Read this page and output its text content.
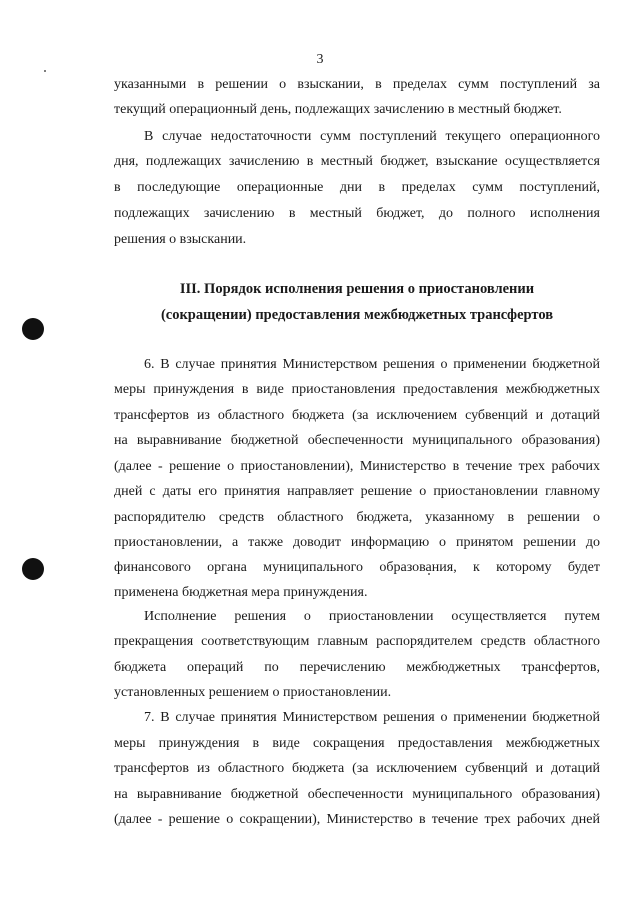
3
указанными в решении о взыскании, в пределах сумм поступлений за
текущий операционный день, подлежащих зачислению в местный бюджет.
В случае недостаточности сумм поступлений текущего операционного
дня, подлежащих зачислению в местный бюджет, взыскание осуществляется
в последующие операционные дни в пределах сумм поступлений,
подлежащих зачислению в местный бюджет, до полного исполнения
решения о взыскании.
III. Порядок исполнения решения о приостановлении
(сокращении) предоставления межбюджетных трансфертов
6. В случае принятия Министерством решения о применении бюджетной
меры принуждения в виде приостановления предоставления межбюджетных
трансфертов из областного бюджета (за исключением субвенций и дотаций
на выравнивание бюджетной обеспеченности муниципального образования)
(далее - решение о приостановлении), Министерство в течение трех рабочих
дней с даты его принятия направляет решение о приостановлении главному
распорядителю средств областного бюджета, указанному в решении о
приостановлении, а также доводит информацию о принятом решении до
финансового органа муниципального образования, к которому будет
применена бюджетная мера принуждения.
Исполнение решения о приостановлении осуществляется путем
прекращения соответствующим главным распорядителем средств областного
бюджета операций по перечислению межбюджетных трансфертов,
установленных решением о приостановлении.
7. В случае принятия Министерством решения о применении бюджетной
меры принуждения в виде сокращения предоставления межбюджетных
трансфертов из областного бюджета (за исключением субвенций и дотаций
на выравнивание бюджетной обеспеченности муниципального образования)
(далее - решение о сокращении), Министерство в течение трех рабочих дней
